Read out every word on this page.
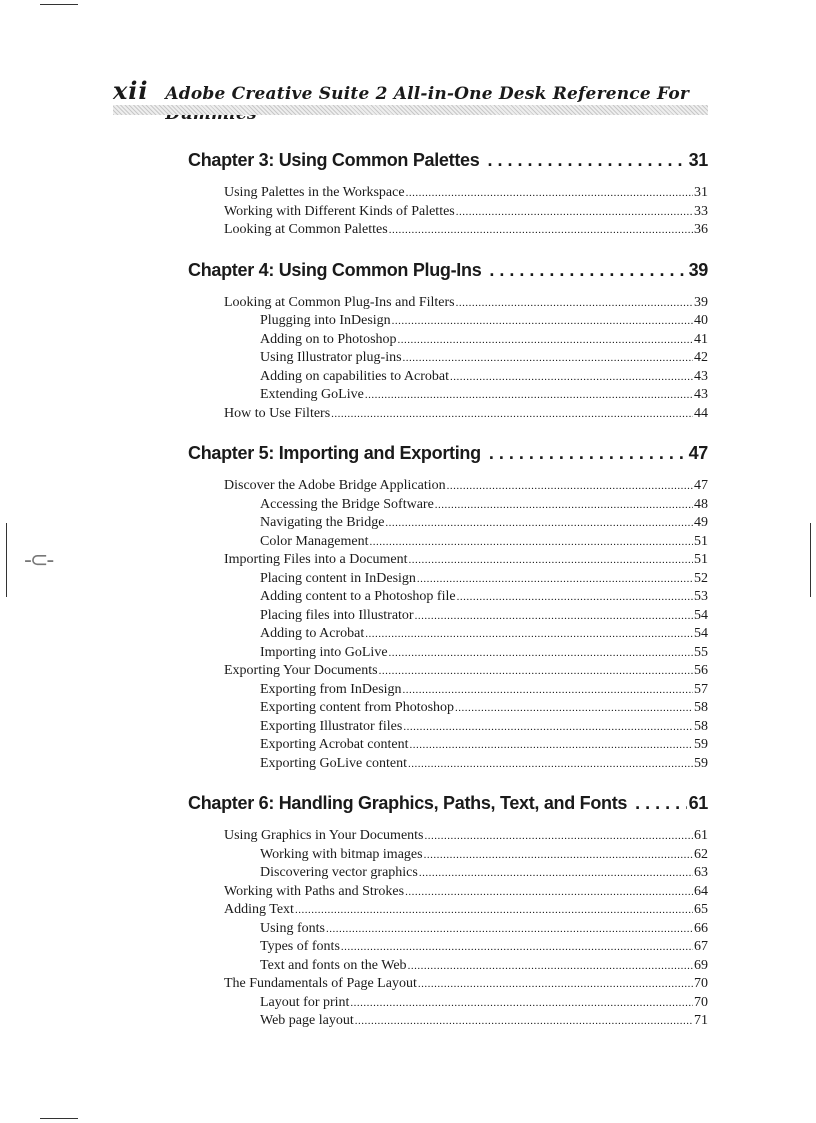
-⊂-
xii Adobe Creative Suite 2 All-in-One Desk Reference For
Chapter 3: Using Common Palettes .....	31
Using Palettes in the Workspace .....	31
Working with Different Kinds of Palettes .....	33
Looking at Common Palettes .....	36
Chapter 4: Using Common Plug-Ins .....	39
Looking at Common Plug-Ins and Filters .....	39
Plugging into InDesign .....	40
Adding on to Photoshop .....	41
Using Illustrator plug-ins .....	42
Adding on capabilities to Acrobat .....	43
Extending GoLive .....	43
How to Use Filters .....	44
Chapter 5: Importing and Exporting .....	47
Discover the Adobe Bridge Application .....	47
Accessing the Bridge Software .....	48
Navigating the Bridge .....	49
Color Management .....	51
Importing Files into a Document .....	51
Placing content in InDesign .....	52
Adding content to a Photoshop file .....	53
Placing files into Illustrator .....	54
Adding to Acrobat .....	54
Importing into GoLive .....	55
Exporting Your Documents .....	56
Exporting from InDesign .....	57
Exporting content from Photoshop .....	58
Exporting Illustrator files .....	58
Exporting Acrobat content .....	59
Exporting GoLive content .....	59
Chapter 6: Handling Graphics, Paths, Text, and Fonts .....	61
Using Graphics in Your Documents .....	61
Working with bitmap images .....	62
Discovering vector graphics .....	63
Working with Paths and Strokes .....	64
Adding Text .....	65
Using fonts .....	66
Types of fonts .....	67
Text and fonts on the Web .....	69
The Fundamentals of Page Layout .....	70
Layout for print .....	70
Web page layout .....	71
